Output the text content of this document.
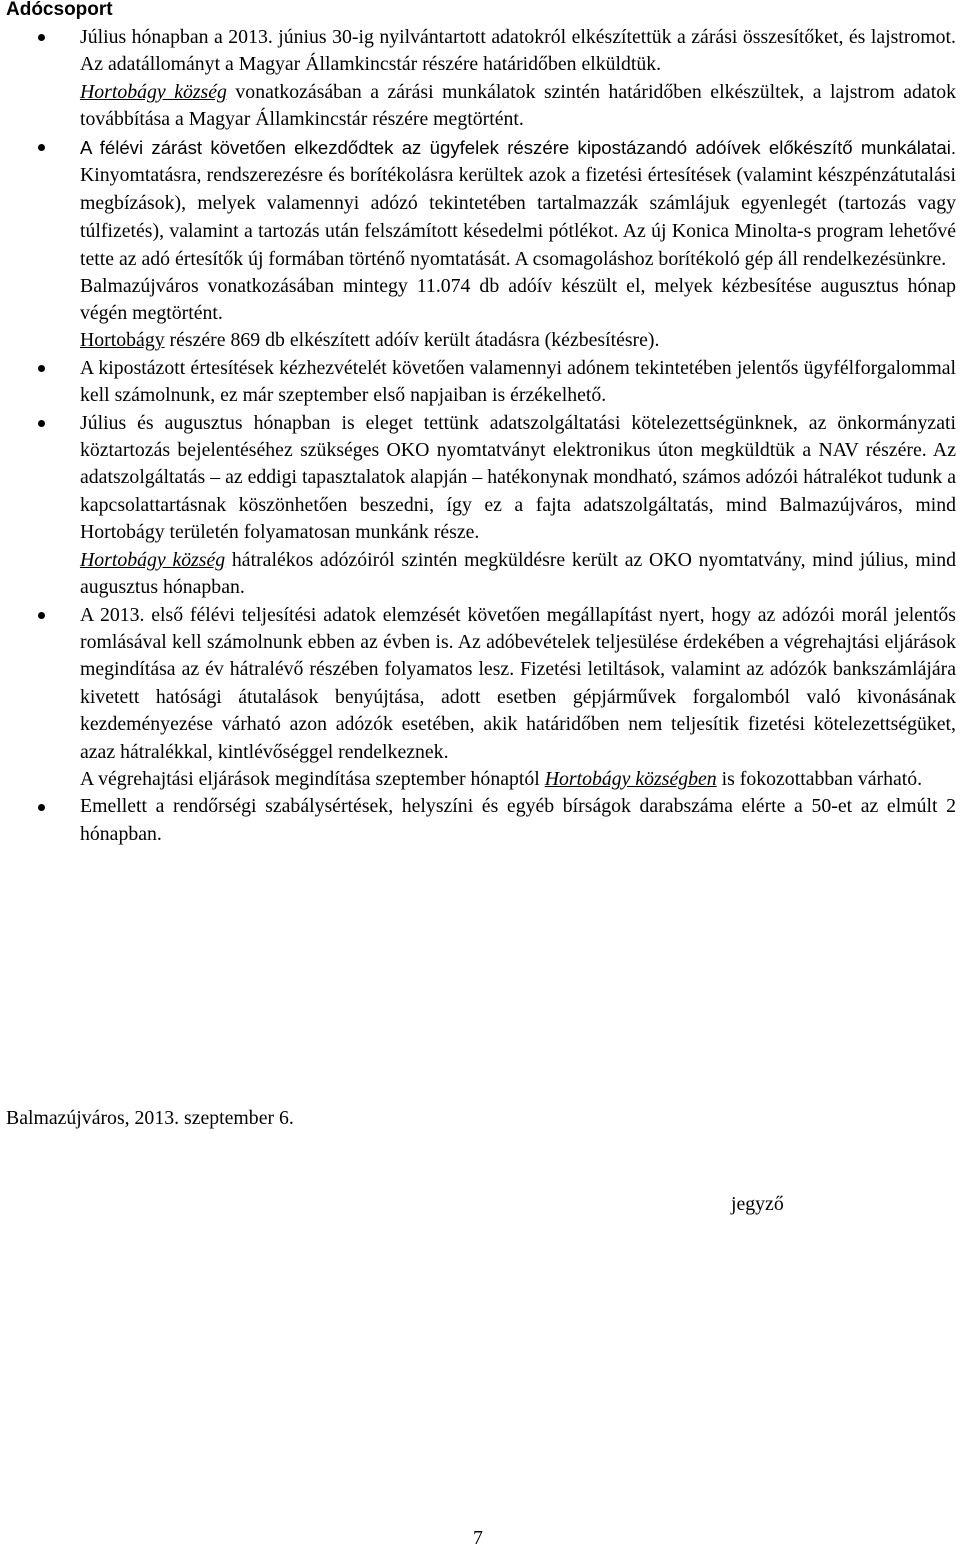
Adócsoport

Július hónapban a 2013. június 30-ig nyilvántartott adatokról elkészítettük a zárási összesítőket, és lajstromot. Az adatállományt a Magyar Államkincstár részére határidőben elküldtük.

Hortobágy község vonatkozásában a zárási munkálatok szintén határidőben elkészültek, a lajstrom adatok továbbítása a Magyar Államkincstár részére megtörtént.

A félévi zárást követően elkezdődtek az ügyfelek részére kipostázandó adóívek előkészítő munkálatai. Kinyomtatásra, rendszerezésre és borítékolásra kerültek azok a fizetési értesítések (valamint készpénzátutalási megbízások), melyek valamennyi adózó tekintetében tartalmazzák számlájuk egyenlegét (tartozás vagy túlfizetés), valamint a tartozás után felszámított késedelmi pótlékot. Az új Konica Minolta-s program lehetővé tette az adó értesítők új formában történő nyomtatását. A csomagoláshoz borítékoló gép áll rendelkezésünkre.

Balmazújváros vonatkozásában mintegy 11.074 db adóív készült el, melyek kézbesítése augusztus hónap végén megtörtént.

Hortobágy részére 869 db elkészített adóív került átadásra (kézbesítésre).

A kipostázott értesítések kézhezvételét követően valamennyi adónem tekintetében jelentős ügyfélforgalommal kell számolnunk, ez már szeptember első napjaiban is érzékelhető.

Július és augusztus hónapban is eleget tettünk adatszolgáltatási kötelezettségünknek, az önkormányzati köztartozás bejelentéséhez szükséges OKO nyomtatványt elektronikus úton megküldtük a NAV részére. Az adatszolgáltatás – az eddigi tapasztalatok alapján – hatékonynak mondható, számos adózói hátralékot tudunk a kapcsolattartásnak köszönhetően beszedni, így ez a fajta adatszolgáltatás, mind Balmazújváros, mind Hortobágy területén folyamatosan munkánk része.

Hortobágy község hátralékos adózóiról szintén megküldésre került az OKO nyomtatvány, mind július, mind augusztus hónapban.

A 2013. első félévi teljesítési adatok elemzését követően megállapítást nyert, hogy az adózói morál jelentős romlásával kell számolnunk ebben az évben is. Az adóbevételek teljesülése érdekében a végrehajtási eljárások megindítása az év hátralévő részében folyamatos lesz. Fizetési letiltások, valamint az adózók bankszámlájára kivetett hatósági átutalások benyújtása, adott esetben gépjárművek forgalomból való kivonásának kezdeményezése várható azon adózók esetében, akik határidőben nem teljesítik fizetési kötelezettségüket, azaz hátralékkal, kintlévőséggel rendelkeznek.

A végrehajtási eljárások megindítása szeptember hónaptól Hortobágy községben is fokozottabban várható.

Emellett a rendőrségi szabálysértések, helyszíni és egyéb bírságok darabszáma elérte a 50-et az elmúlt 2 hónapban.

Balmazújváros, 2013. szeptember 6.
jegyző
7
